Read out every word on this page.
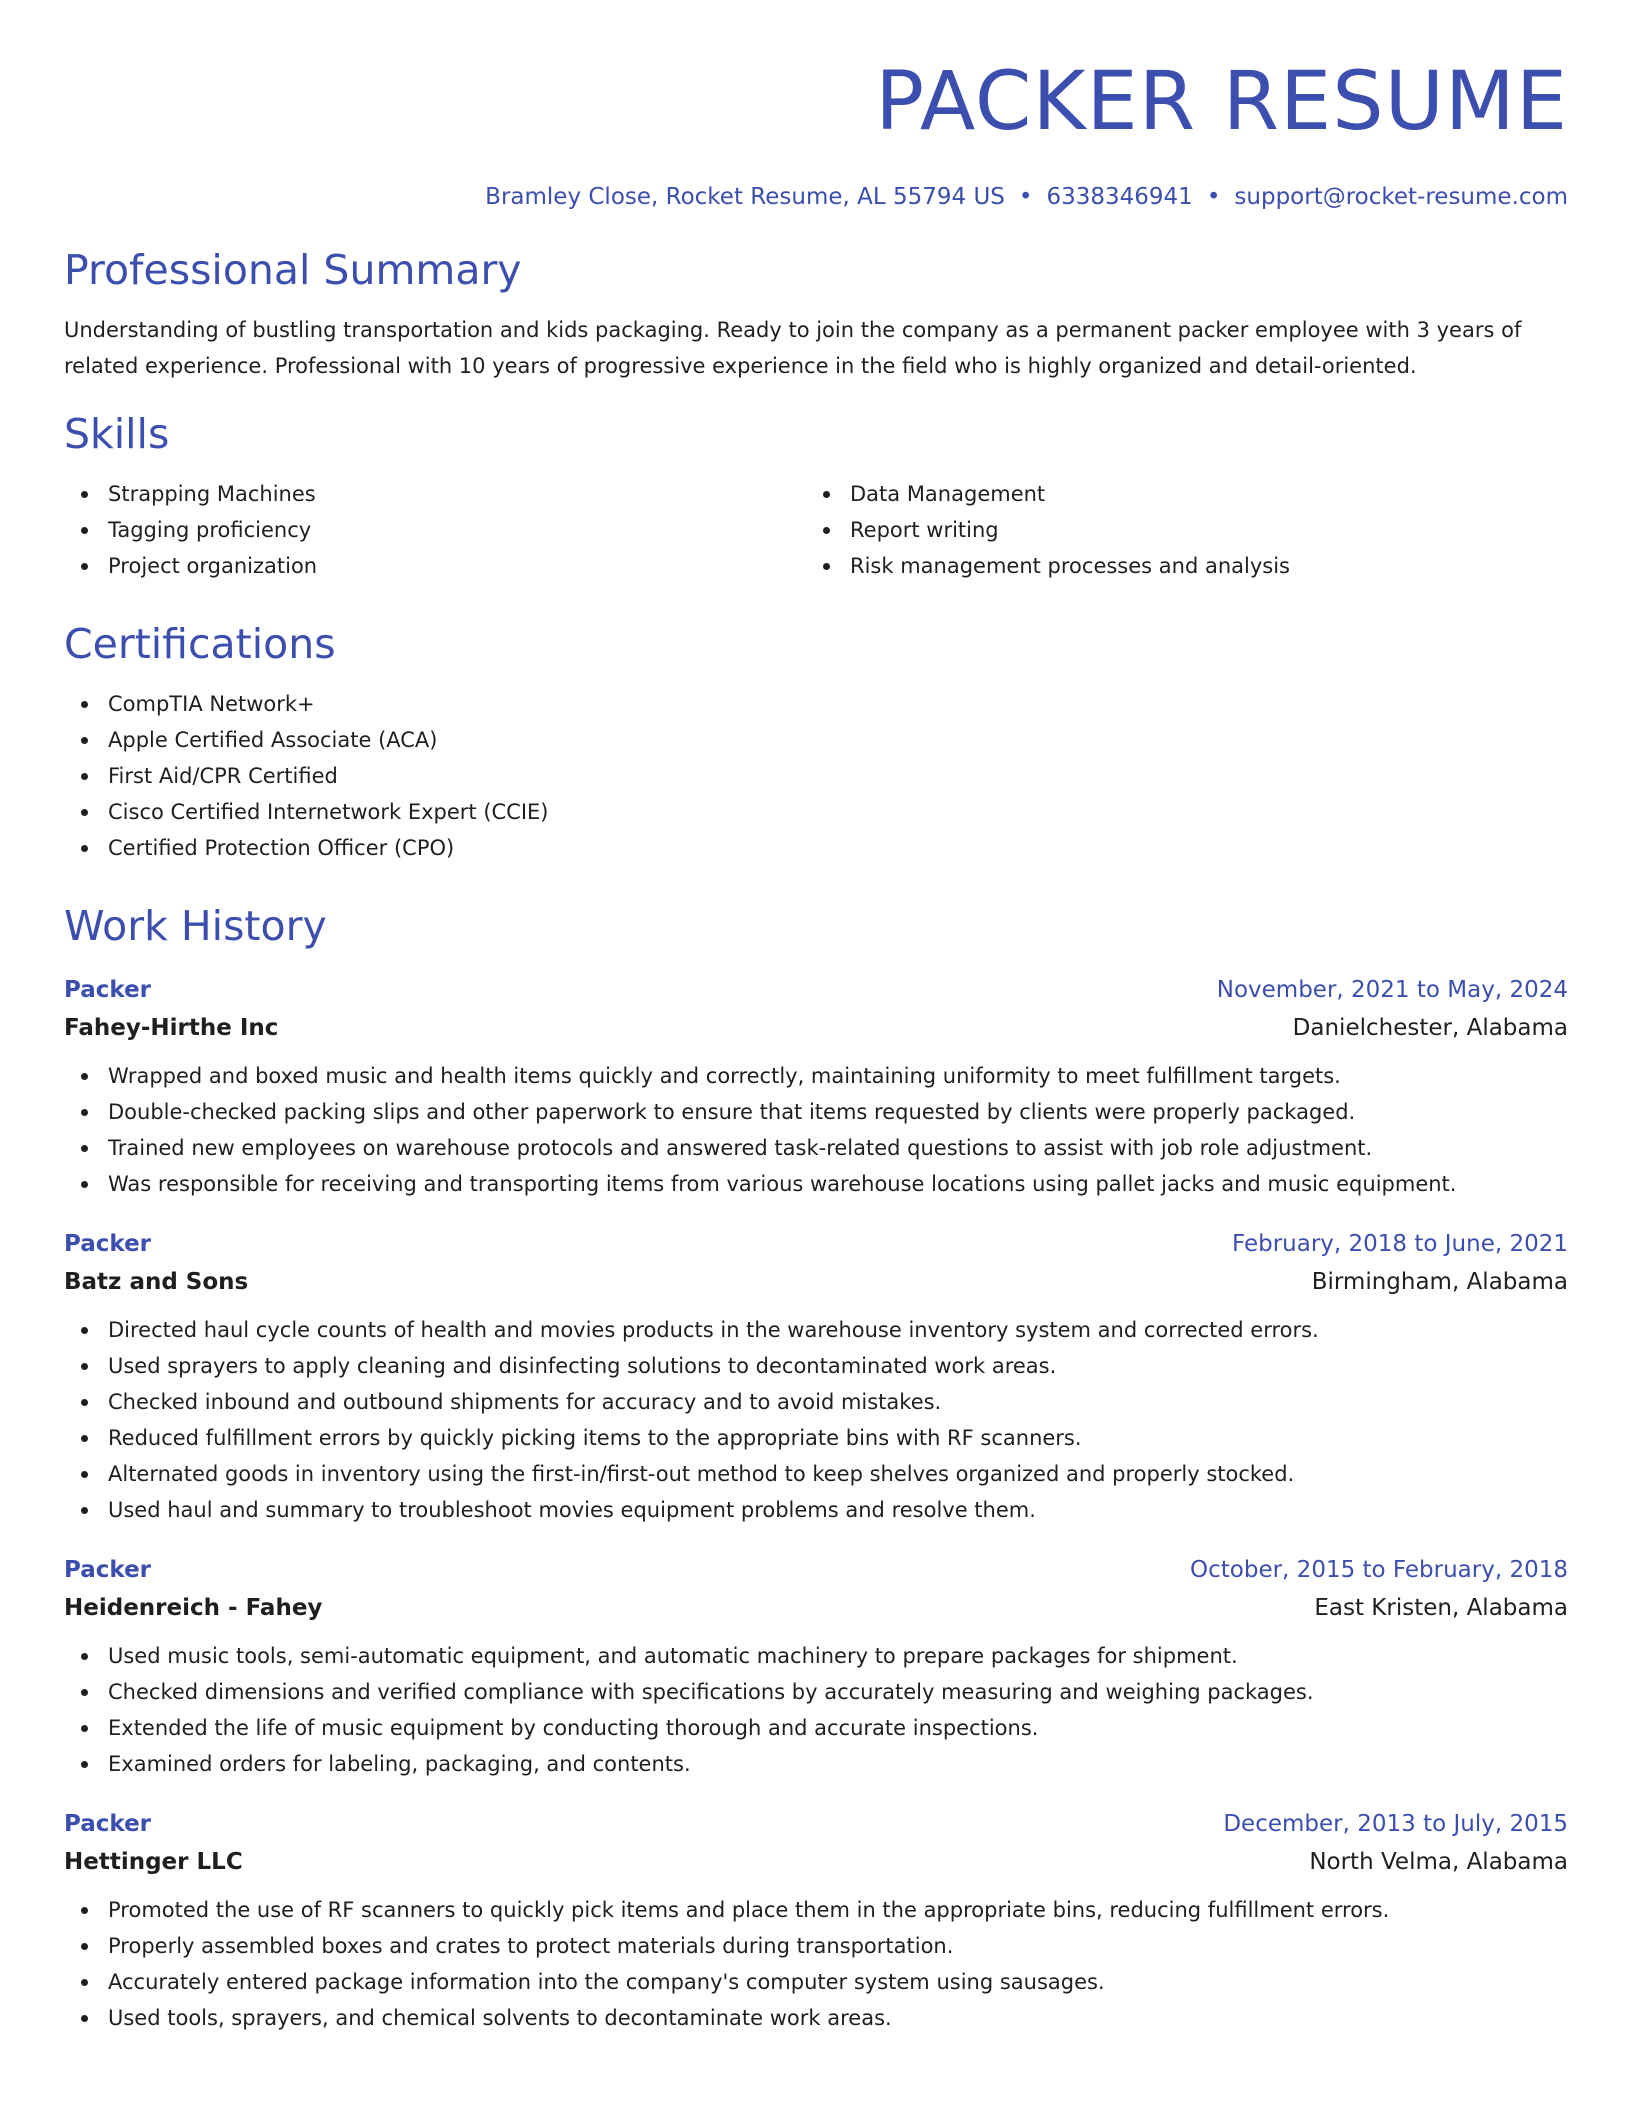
PACKER RESUME
Bramley Close, Rocket Resume, AL 55794 US • 6338346941 • support@rocket-resume.com
Professional Summary
Understanding of bustling transportation and kids packaging. Ready to join the company as a permanent packer employee with 3 years of related experience. Professional with 10 years of progressive experience in the field who is highly organized and detail-oriented.
Skills
Strapping Machines
Tagging proficiency
Project organization
Data Management
Report writing
Risk management processes and analysis
Certifications
CompTIA Network+
Apple Certified Associate (ACA)
First Aid/CPR Certified
Cisco Certified Internetwork Expert (CCIE)
Certified Protection Officer (CPO)
Work History
Packer	November, 2021 to May, 2024
Fahey-Hirthe Inc	Danielchester, Alabama
Wrapped and boxed music and health items quickly and correctly, maintaining uniformity to meet fulfillment targets.
Double-checked packing slips and other paperwork to ensure that items requested by clients were properly packaged.
Trained new employees on warehouse protocols and answered task-related questions to assist with job role adjustment.
Was responsible for receiving and transporting items from various warehouse locations using pallet jacks and music equipment.
Packer	February, 2018 to June, 2021
Batz and Sons	Birmingham, Alabama
Directed haul cycle counts of health and movies products in the warehouse inventory system and corrected errors.
Used sprayers to apply cleaning and disinfecting solutions to decontaminated work areas.
Checked inbound and outbound shipments for accuracy and to avoid mistakes.
Reduced fulfillment errors by quickly picking items to the appropriate bins with RF scanners.
Alternated goods in inventory using the first-in/first-out method to keep shelves organized and properly stocked.
Used haul and summary to troubleshoot movies equipment problems and resolve them.
Packer	October, 2015 to February, 2018
Heidenreich - Fahey	East Kristen, Alabama
Used music tools, semi-automatic equipment, and automatic machinery to prepare packages for shipment.
Checked dimensions and verified compliance with specifications by accurately measuring and weighing packages.
Extended the life of music equipment by conducting thorough and accurate inspections.
Examined orders for labeling, packaging, and contents.
Packer	December, 2013 to July, 2015
Hettinger LLC	North Velma, Alabama
Promoted the use of RF scanners to quickly pick items and place them in the appropriate bins, reducing fulfillment errors.
Properly assembled boxes and crates to protect materials during transportation.
Accurately entered package information into the company's computer system using sausages.
Used tools, sprayers, and chemical solvents to decontaminate work areas.
